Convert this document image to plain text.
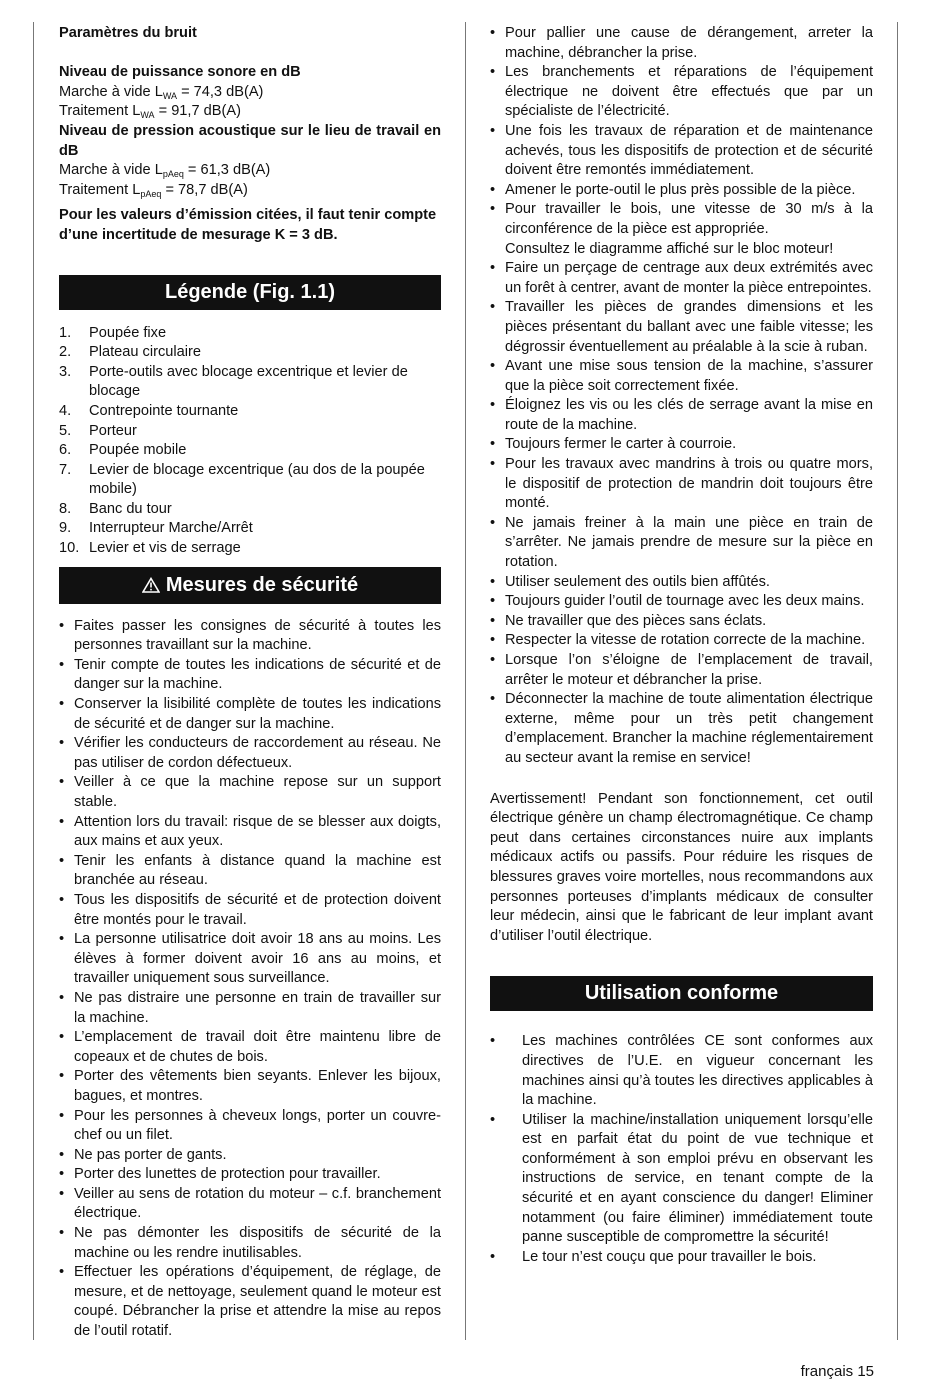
Paramètres du bruit

Niveau de puissance sonore en dB

Marche à vide $L_{WA} = 74,3$ dB(A)

Traitement $L_{WA} = 91,7$ dB(A)

Niveau de pression acoustique sur le lieu de travail en dB

Marche à vide $L_{pAeq} = 61,3$ dB(A)

Traitement $L_{pAeq} = 78,7$ dB(A)

Pour les valeurs d’émission citées, il faut tenir compte d’une incertitude de mesurage K = 3 dB.

Légende (Fig. 1.1)
1. Poupée fixe
2. Plateau circulaire
3. Porte-outils avec blocage excentrique et levier de blocage
4. Contrepointe tournante
5. Porteur
6. Poupée mobile
7. Levier de blocage excentrique (au dos de la poupée mobile)
8. Banc du tour
9. Interrupteur Marche/Arrêt
10. Levier et vis de serrage
Mesures de sécurité
• Faites passer les consignes de sécurité à toutes les personnes travaillant sur la machine.
• Tenir compte de toutes les indications de sécurité et de danger sur la machine.
• Conserver la lisibilité complète de toutes les indications de sécurité et de danger sur la machine.
• Vérifier les conducteurs de raccordement au réseau. Ne pas utiliser de cordon défectueux.
• Veiller à ce que la machine repose sur un support stable.
• Attention lors du travail: risque de se blesser aux doigts, aux mains et aux yeux.
• Tenir les enfants à distance quand la machine est branchée au réseau.
• Tous les dispositifs de sécurité et de protection doivent être montés pour le travail.
• La personne utilisatrice doit avoir 18 ans au moins. Les élèves à former doivent avoir 16 ans au moins, et travailler uniquement sous surveillance.
• Ne pas distraire une personne en train de travailler sur la machine.
• L’emplacement de travail doit être maintenu libre de copeaux et de chutes de bois.
• Porter des vêtements bien seyants. Enlever les bijoux, bagues, et montres.
• Pour les personnes à cheveux longs, porter un couvre-chef ou un filet.
• Ne pas porter de gants.
• Porter des lunettes de protection pour travailler.
• Veiller au sens de rotation du moteur – c.f. branchement électrique.
• Ne pas démonter les dispositifs de sécurité de la machine ou les rendre inutilisables.
• Effectuer les opérations d’équipement, de réglage, de mesure, et de nettoyage, seulement quand le moteur est coupé. Débrancher la prise et attendre la mise au repos de l’outil rotatif.
• Pour pallier une cause de dérangement, arreter la machine, débrancher la prise.
• Les branchements et réparations de l’équipement électrique ne doivent être effectués que par un spécialiste de l’électricité.
• Une fois les travaux de réparation et de maintenance achevés, tous les dispositifs de protection et de sécurité doivent être remontés immédiatement.
• Amener le porte-outil le plus près possible de la pièce.
• Pour travailler le bois, une vitesse de 30 m/s à la circonférence de la pièce est appropriée.
Consultez le diagramme affiché sur le bloc moteur!
• Faire un perçage de centrage aux deux extrémités avec un forêt à centrer, avant de monter la pièce entrepointes.
• Travailler les pièces de grandes dimensions et les pièces présentant du ballant avec une faible vitesse; les dégrossir éventuellement au préalable à la scie à ruban.
• Avant une mise sous tension de la machine, s’assurer que la pièce soit correctement fixée.
• Éloignez les vis ou les clés de serrage avant la mise en route de la machine.
• Toujours fermer le carter à courroie.
• Pour les travaux avec mandrins à trois ou quatre mors, le dispositif de protection de mandrin doit toujours être monté.
• Ne jamais freiner à la main une pièce en train de s’arrêter. Ne jamais prendre de mesure sur la pièce en rotation.
• Utiliser seulement des outils bien affûtés.
• Toujours guider l’outil de tournage avec les deux mains.
• Ne travailler que des pièces sans éclats.
• Respecter la vitesse de rotation correcte de la machine.
• Lorsque l’on s’éloigne de l’emplacement de travail, arrêter le moteur et débrancher la prise.
• Déconnecter la machine de toute alimentation électrique externe, même pour un très petit changement d’emplacement. Brancher la machine réglementairement au secteur avant la remise en service!

Avertissement! Pendant son fonctionnement, cet outil électrique génère un champ électromagnétique. Ce champ peut dans certaines circonstances nuire aux implants médicaux actifs ou passifs. Pour réduire les risques de blessures graves voire mortelles, nous recommandons aux personnes porteuses d’implants médicaux de consulter leur médecin, ainsi que le fabricant de leur implant avant d’utiliser l’outil électrique.

Utilisation conforme
• Les machines contrôlées CE sont conformes aux directives de l’U.E. en vigueur concernant les machines ainsi qu’à toutes les directives applicables à la machine.
• Utiliser la machine/installation uniquement lorsqu’elle est en parfait état du point de vue technique et conformément à son emploi prévu en observant les instructions de service, en tenant compte de la sécurité et en ayant conscience du danger! Eliminer notamment (ou faire éliminer) immédiatement toute panne susceptible de compromettre la sécurité!
• Le tour n’est couçu que pour travailler le bois.
français 15
